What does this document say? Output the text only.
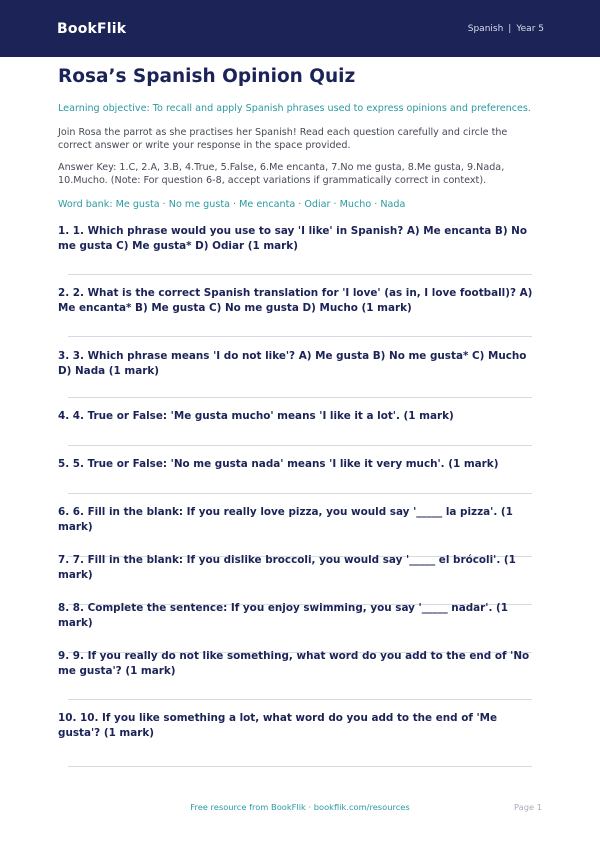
BookFlik	Spanish | Year 5
Rosa’s Spanish Opinion Quiz

Learning objective: To recall and apply Spanish phrases used to express opinions and preferences.

Join Rosa the parrot as she practises her Spanish! Read each question carefully and circle the correct answer or write your response in the space provided.

Answer Key: 1.C, 2.A, 3.B, 4.True, 5.False, 6.Me encanta, 7.No me gusta, 8.Me gusta, 9.Nada, 10.Mucho. (Note: For question 6-8, accept variations if grammatically correct in context).

Word bank: Me gusta · No me gusta · Me encanta · Odiar · Mucho · Nada

1. 1. Which phrase would you use to say 'I like' in Spanish? A) Me encanta B) No me gusta C) Me gusta* D) Odiar (1 mark)
2. 2. What is the correct Spanish translation for 'I love' (as in, I love football)? A) Me encanta* B) Me gusta C) No me gusta D) Mucho (1 mark)
3. 3. Which phrase means 'I do not like'? A) Me gusta B) No me gusta* C) Mucho D) Nada (1 mark)
4. 4. True or False: 'Me gusta mucho' means 'I like it a lot'. (1 mark)
5. 5. True or False: 'No me gusta nada' means 'I like it very much'. (1 mark)
6. 6. Fill in the blank: If you really love pizza, you would say '_____ la pizza'. (1 mark)
7. 7. Fill in the blank: If you dislike broccoli, you would say '_____ el brócoli'. (1 mark)
8. 8. Complete the sentence: If you enjoy swimming, you say '_____ nadar'. (1 mark)
9. 9. If you really do not like something, what word do you add to the end of 'No me gusta'? (1 mark)
10. 10. If you like something a lot, what word do you add to the end of 'Me gusta'? (1 mark)
Free resource from BookFlik · bookflik.com/resources	Page 1
